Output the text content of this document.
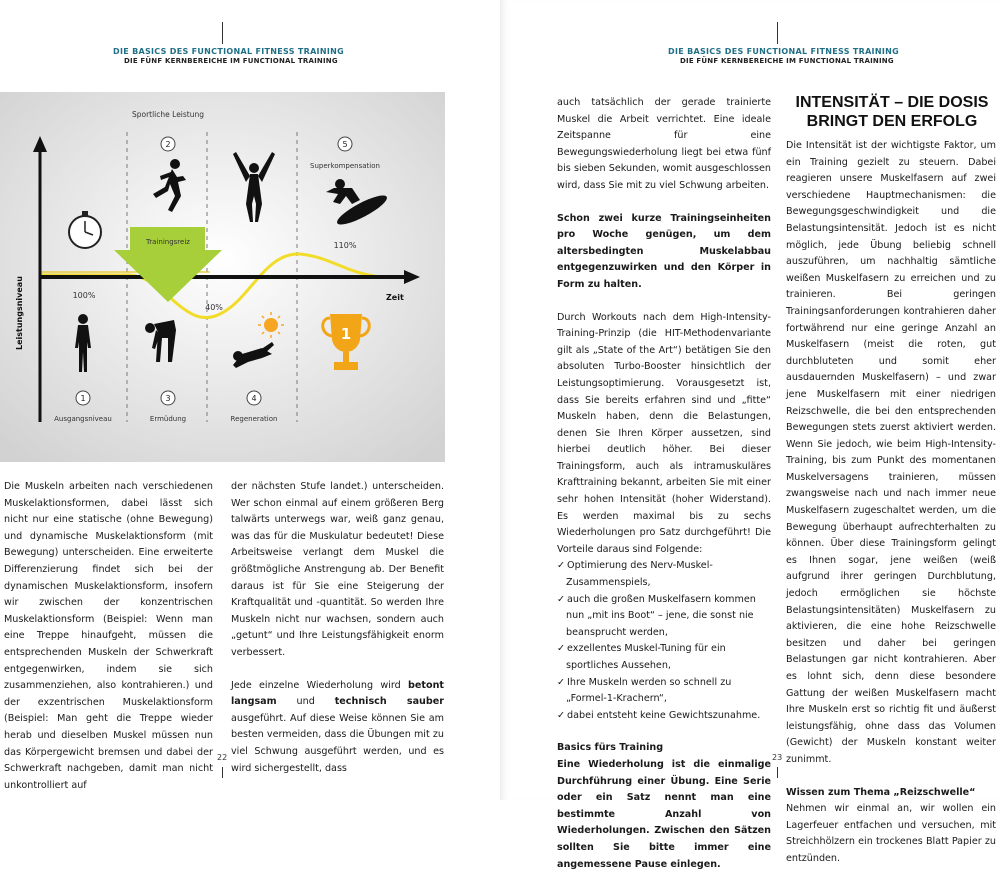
DIE BASICS DES FUNCTIONAL FITNESS TRAINING
DIE FÜNF KERNBEREICHE IM FUNCTIONAL TRAINING
Sportliche Leistung
Leistungsniveau	Zeit
Trainingsreiz
100%
40%
110%
Superkompensation
2	5
1	3	4
Ausgangsniveau	Ermüdung	Regeneration
1

Die Muskeln arbeiten nach verschiedenen Muskelaktionsformen, dabei lässt sich nicht nur eine statische (ohne Bewegung) und dynamische Muskelaktionsform (mit Bewegung) unterscheiden. Eine erweiterte Differenzierung findet sich bei der dynamischen Muskelaktionsform, insofern wir zwischen der konzentrischen Muskelaktionsform (Beispiel: Wenn man eine Treppe hinaufgeht, müssen die entsprechenden Muskeln der Schwerkraft entgegenwirken, indem sie sich zusammenziehen, also kontrahieren.) und der exzentrischen Muskelaktionsform (Beispiel: Man geht die Treppe wieder herab und dieselben Muskel müssen nun das Körpergewicht bremsen und dabei der Schwerkraft nachgeben, damit man nicht unkontrolliert auf

der nächsten Stufe landet.) unterscheiden. Wer schon einmal auf einem größeren Berg talwärts unterwegs war, weiß ganz genau, was das für die Muskulatur bedeutet! Diese Arbeitsweise verlangt dem Muskel die größtmögliche Anstrengung ab. Der Benefit daraus ist für Sie eine Steigerung der Kraftqualität und -quantität. So werden Ihre Muskeln nicht nur wachsen, sondern auch „getunt“ und Ihre Leistungsfähigkeit enorm verbessert.

Jede einzelne Wiederholung wird betont langsam und technisch sauber ausgeführt. Auf diese Weise können Sie am besten vermeiden, dass die Übungen mit zu viel Schwung ausgeführt werden, und es wird sichergestellt, dass

22
DIE BASICS DES FUNCTIONAL FITNESS TRAINING
DIE FÜNF KERNBEREICHE IM FUNCTIONAL TRAINING

auch tatsächlich der gerade trainierte Muskel die Arbeit verrichtet. Eine ideale Zeitspanne für eine Bewegungswiederholung liegt bei etwa fünf bis sieben Sekunden, womit ausgeschlossen wird, dass Sie mit zu viel Schwung arbeiten.

Schon zwei kurze Trainingseinheiten pro Woche genügen, um dem altersbedingten Muskelabbau entgegenzuwirken und den Körper in Form zu halten.

Durch Workouts nach dem High-Intensity-Training-Prinzip (die HIT-Methodenvariante gilt als „State of the Art“) betätigen Sie den absoluten Turbo-Booster hinsichtlich der Leistungsoptimierung. Vorausgesetzt ist, dass Sie bereits erfahren sind und „fitte“ Muskeln haben, denn die Belastungen, denen Sie Ihren Körper aussetzen, sind hierbei deutlich höher. Bei dieser Trainingsform, auch als intramuskuläres Krafttraining bekannt, arbeiten Sie mit einer sehr hohen Intensität (hoher Widerstand). Es werden maximal bis zu sechs Wiederholungen pro Satz durchgeführt! Die Vorteile daraus sind Folgende:

✓ Optimierung des Nerv-Muskel-Zusammenspiels,
✓ auch die großen Muskelfasern kommen nun „mit ins Boot“ – jene, die sonst nie beansprucht werden,
✓ exzellentes Muskel-Tuning für ein sportliches Aussehen,
✓ Ihre Muskeln werden so schnell zu „Formel-1-Krachern“,
✓ dabei entsteht keine Gewichtszunahme.
Basics fürs Training
Eine Wiederholung ist die einmalige Durchführung einer Übung. Eine Serie oder ein Satz nennt man eine bestimmte Anzahl von Wiederholungen. Zwischen den Sätzen sollten Sie bitte immer eine angemessene Pause einlegen.
INTENSITÄT – DIE DOSIS
BRINGT DEN ERFOLG

Die Intensität ist der wichtigste Faktor, um ein Training gezielt zu steuern. Dabei reagieren unsere Muskelfasern auf zwei verschiedene Hauptmechanismen: die Bewegungsgeschwindigkeit und die Belastungsintensität. Jedoch ist es nicht möglich, jede Übung beliebig schnell auszuführen, um nachhaltig sämtliche weißen Muskelfasern zu erreichen und zu trainieren. Bei geringen Trainingsanforderungen kontrahieren daher fortwährend nur eine geringe Anzahl an Muskelfasern (meist die roten, gut durchbluteten und somit eher ausdauernden Muskelfasern) – und zwar jene Muskelfasern mit einer niedrigen Reizschwelle, die bei den entsprechenden Bewegungen stets zuerst aktiviert werden. Wenn Sie jedoch, wie beim High-Intensity-Training, bis zum Punkt des momentanen Muskelversagens trainieren, müssen zwangsweise nach und nach immer neue Muskelfasern zugeschaltet werden, um die Bewegung überhaupt aufrechterhalten zu können. Über diese Trainingsform gelingt es Ihnen sogar, jene weißen (weiß aufgrund ihrer geringen Durchblutung, jedoch ermöglichen sie höchste Belastungsintensitäten) Muskelfasern zu aktivieren, die eine hohe Reizschwelle besitzen und daher bei geringen Belastungen gar nicht kontrahieren. Aber es lohnt sich, denn diese besondere Gattung der weißen Muskelfasern macht Ihre Muskeln erst so richtig fit und äußerst leistungsfähig, ohne dass das Volumen (Gewicht) der Muskeln konstant weiter zunimmt.

Wissen zum Thema „Reizschwelle“

Nehmen wir einmal an, wir wollen ein Lagerfeuer entfachen und versuchen, mit Streichhölzern ein trockenes Blatt Papier zu entzünden.

23
